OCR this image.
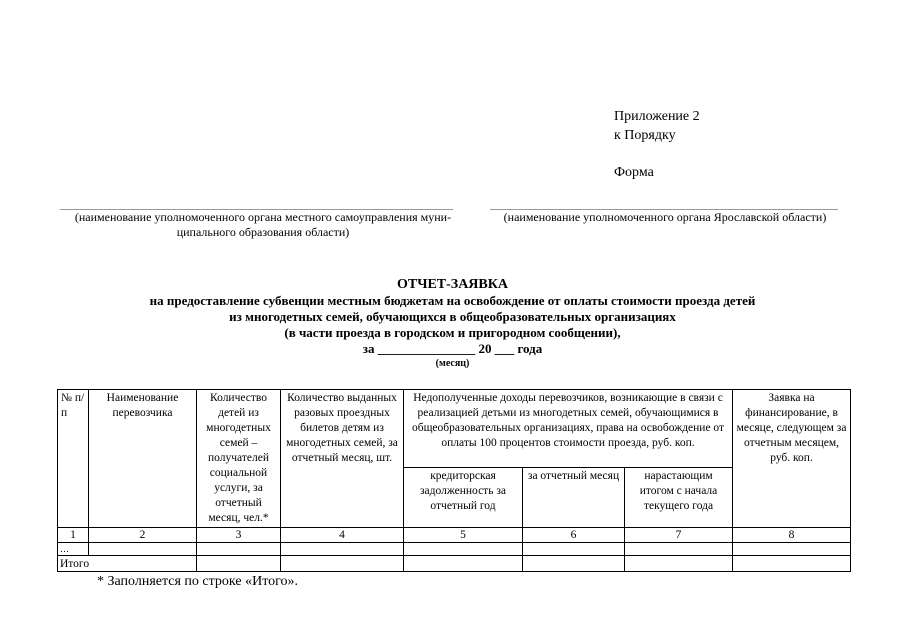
Приложение 2
к Порядку
Форма
(наименование уполномоченного органа местного самоуправления муни-ципального образования области)
(наименование уполномоченного органа Ярославской области)
ОТЧЕТ-ЗАЯВКА
на предоставление субвенции местным бюджетам на освобождение от оплаты стоимости проезда детей
из многодетных семей, обучающихся в общеобразовательных организациях
(в части проезда в городском и пригородном сообщении),
за _______________ 20 ___ года
(месяц)
№ п/п	Наименование перевозчика	Количество детей из многодетных семей – получателей социальной услуги, за отчетный месяц, чел.*	Количество выданных разовых проездных билетов детям из многодетных семей, за отчетный месяц, шт.	Недополученные доходы перевозчиков, возникающие в связи с реализацией детьми из многодетных семей, обучающимися в общеобразовательных организациях, права на освобождение от оплаты 100 процентов стоимости проезда, руб. коп.			Заявка на финансирование, в месяце, следующем за отчетным месяцем, руб. коп.
				кредиторская задолженность за отчетный год	за отчетный месяц	нарастающим итогом с начала текущего года	
1	2	3	4	5	6	7	8
…							
Итого							
* Заполняется по строке «Итого».
